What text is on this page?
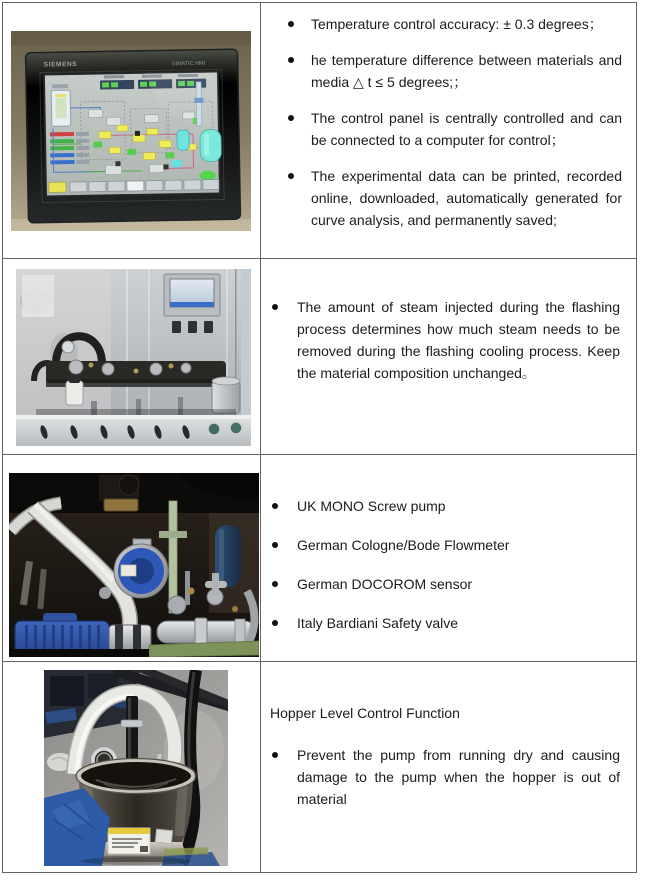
SIEMENS	SIMATIC HMI

Temperature control accuracy: ± 0.3 degrees；

he temperature difference between materials and media △ t ≤ 5 degrees;；

The control panel is centrally controlled and can be connected to a computer for control；

The experimental data can be printed, recorded online, downloaded, automatically generated for curve analysis, and permanently saved;

The amount of steam injected during the flashing process determines how much steam needs to be removed during the flashing cooling process. Keep the material composition unchanged。

UK MONO Screw pump

German Cologne/Bode Flowmeter

German DOCOROM sensor

Italy Bardiani Safety valve

Hopper Level Control Function

Prevent the pump from running dry and causing damage to the pump when the hopper is out of material
